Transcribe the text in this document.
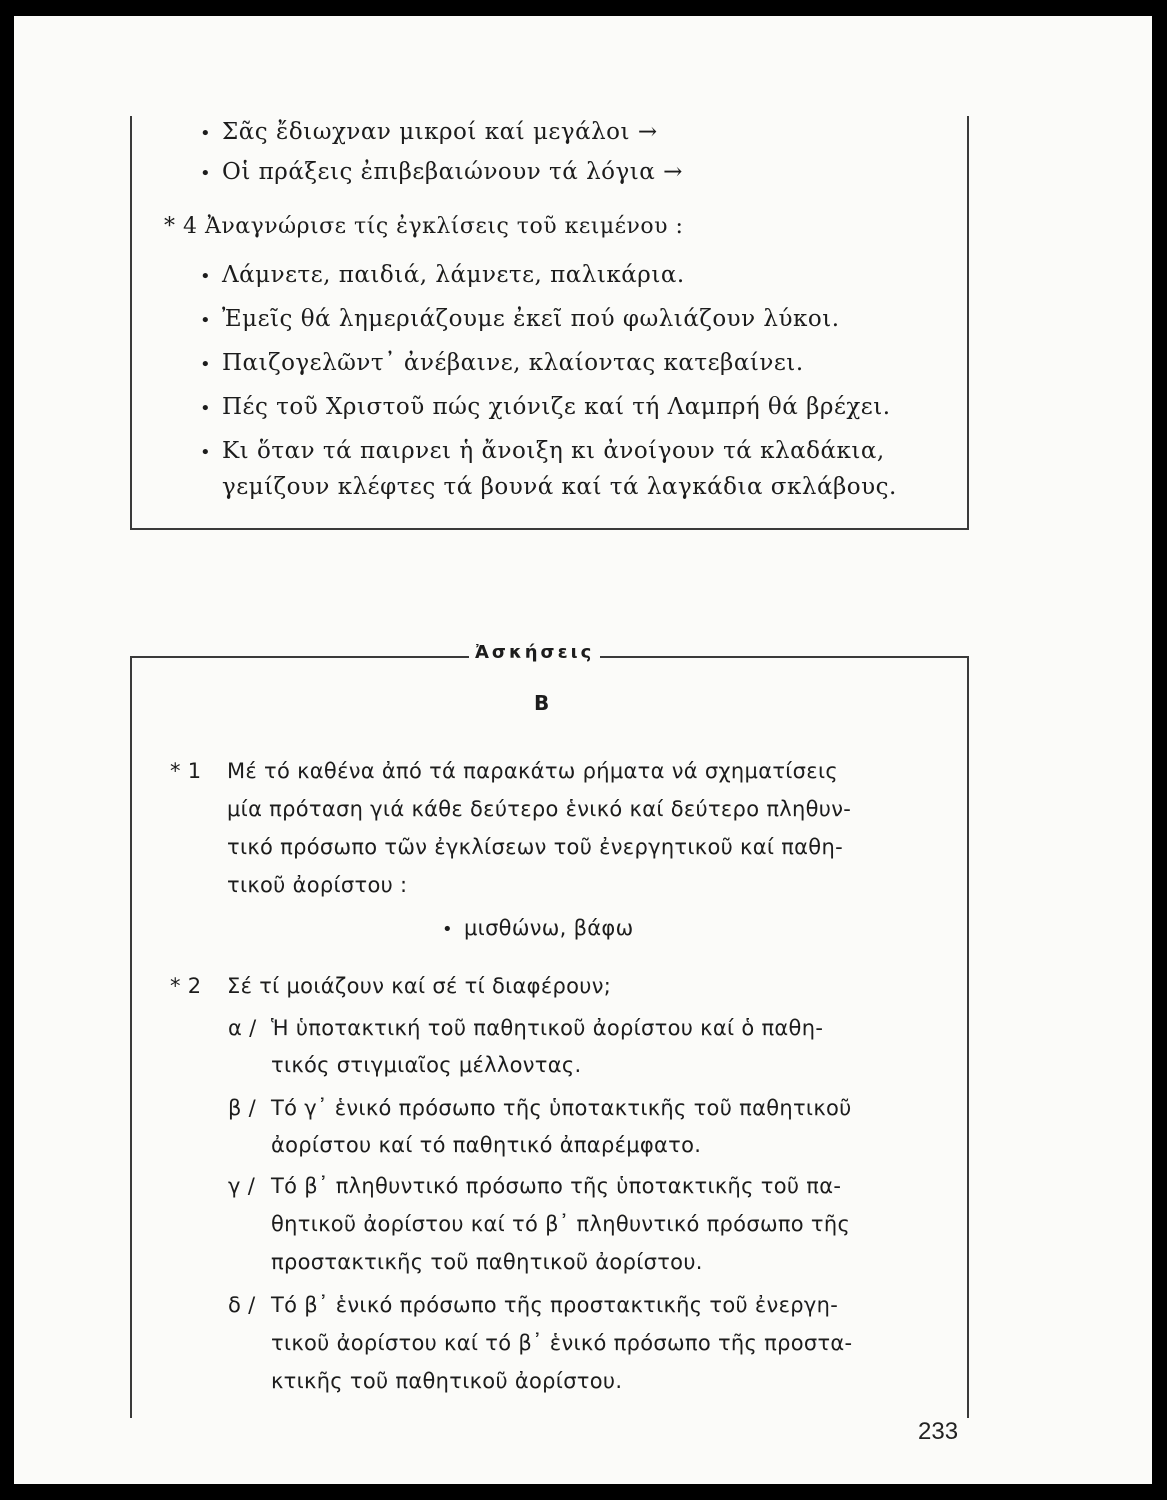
• Σᾶς ἔδιωχναν μικροί καί μεγάλοι →
• Οἱ πράξεις ἐπιβεβαιώνουν τά λόγια →
* 4 Ἀναγνώρισε τίς ἐγκλίσεις τοῦ κειμένου :
• Λάμνετε, παιδιά, λάμνετε, παλικάρια.
• Ἐμεῖς θά λημεριάζουμε ἐκεῖ πού φωλιάζουν λύκοι.
• Παιζογελῶντ᾽ ἀνέβαινε, κλαίοντας κατεβαίνει.
• Πές τοῦ Χριστοῦ πώς χιόνιζε καί τή Λαμπρή θά βρέχει.
• Κι ὅταν τά παιρνει ἡ ἄνοιξη κι ἀνοίγουν τά κλαδάκια,
γεμίζουν κλέφτες τά βουνά καί τά λαγκάδια σκλάβους.
Ἀσκήσεις
B
* 1 Μέ τό καθένα ἀπό τά παρακάτω ρήματα νά σχηματίσεις
μία πρόταση γιά κάθε δεύτερο ἑνικό καί δεύτερο πληθυν-
τικό πρόσωπο τῶν ἐγκλίσεων τοῦ ἐνεργητικοῦ καί παθη-
τικοῦ ἀορίστου :
• μισθώνω, βάφω
* 2 Σέ τί μοιάζουν καί σέ τί διαφέρουν;
α / Ἡ ὑποτακτική τοῦ παθητικοῦ ἀορίστου καί ὁ παθη-
τικός στιγμιαῖος μέλλοντας.
β / Τό γ᾽ ἑνικό πρόσωπο τῆς ὑποτακτικῆς τοῦ παθητικοῦ
ἀορίστου καί τό παθητικό ἀπαρέμφατο.
γ / Τό β᾽ πληθυντικό πρόσωπο τῆς ὑποτακτικῆς τοῦ πα-
θητικοῦ ἀορίστου καί τό β᾽ πληθυντικό πρόσωπο τῆς
προστακτικῆς τοῦ παθητικοῦ ἀορίστου.
δ / Τό β᾽ ἑνικό πρόσωπο τῆς προστακτικῆς τοῦ ἐνεργη-
τικοῦ ἀορίστου καί τό β᾽ ἑνικό πρόσωπο τῆς προστα-
κτικῆς τοῦ παθητικοῦ ἀορίστου.
233
